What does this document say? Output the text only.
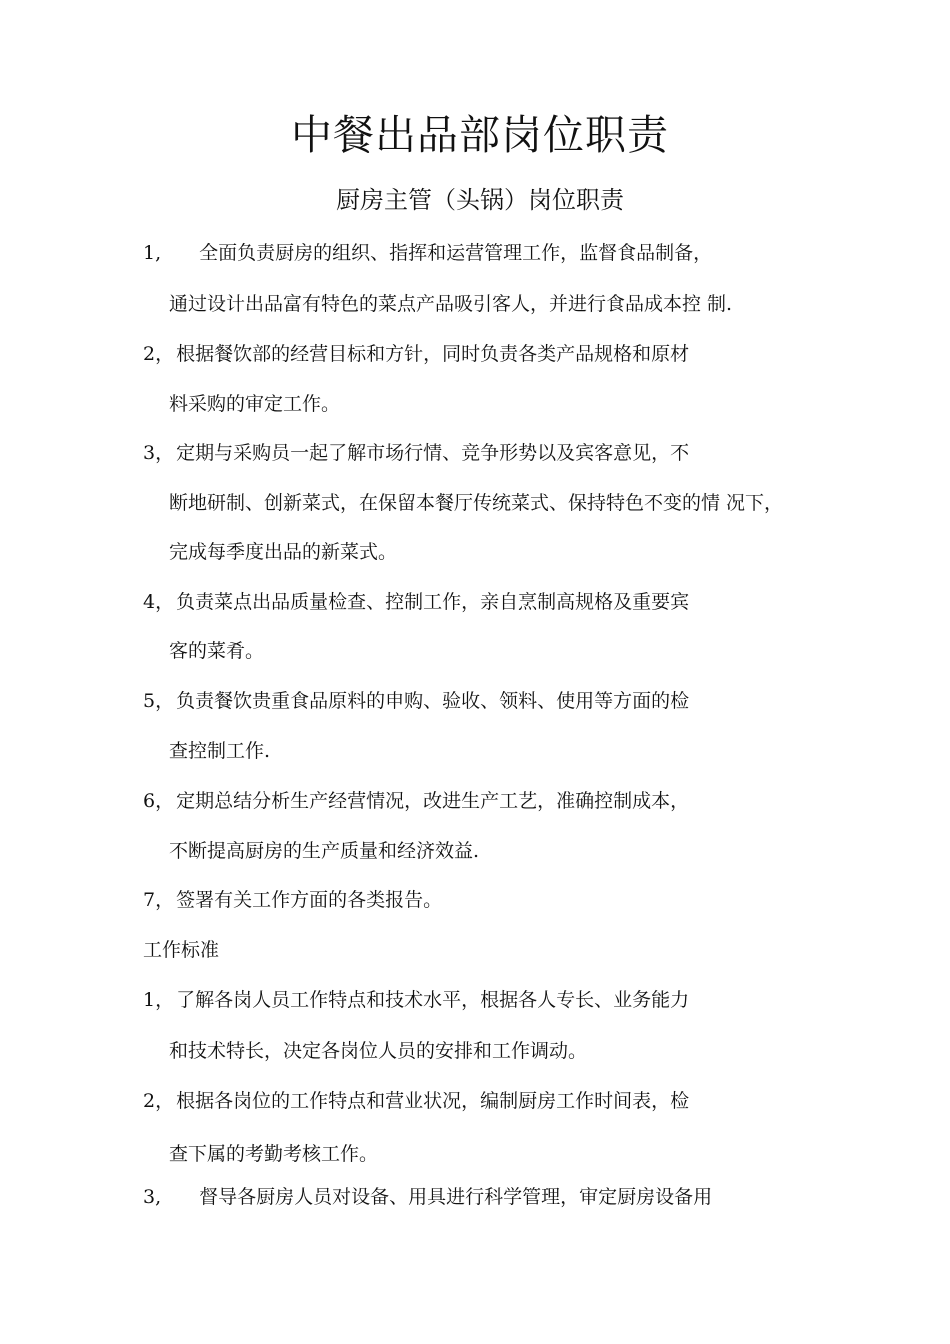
中餐出品部岗位职责
厨房主管（头锅）岗位职责
1, 全面负责厨房的组织、指挥和运营管理工作，监督食品制备，
通过设计出品富有特色的菜点产品吸引客人，并进行食品成本控 制.
2， 根据餐饮部的经营目标和方针，同时负责各类产品规格和原材
料采购的审定工作。
3， 定期与采购员一起了解市场行情、竞争形势以及宾客意见，不
断地研制、创新菜式，在保留本餐厅传统菜式、保持特色不变的情 况下，
完成每季度出品的新菜式。
4， 负责菜点出品质量检查、控制工作，亲自烹制高规格及重要宾
客的菜肴。
5， 负责餐饮贵重食品原料的申购、验收、领料、使用等方面的检
查控制工作.
6， 定期总结分析生产经营情况，改进生产工艺，准确控制成本，
不断提高厨房的生产质量和经济效益.
7， 签署有关工作方面的各类报告。
工作标准
1， 了解各岗人员工作特点和技术水平，根据各人专长、业务能力
和技术特长，决定各岗位人员的安排和工作调动。
2， 根据各岗位的工作特点和营业状况，编制厨房工作时间表，检
查下属的考勤考核工作。
3, 督导各厨房人员对设备、用具进行科学管理，审定厨房设备用
